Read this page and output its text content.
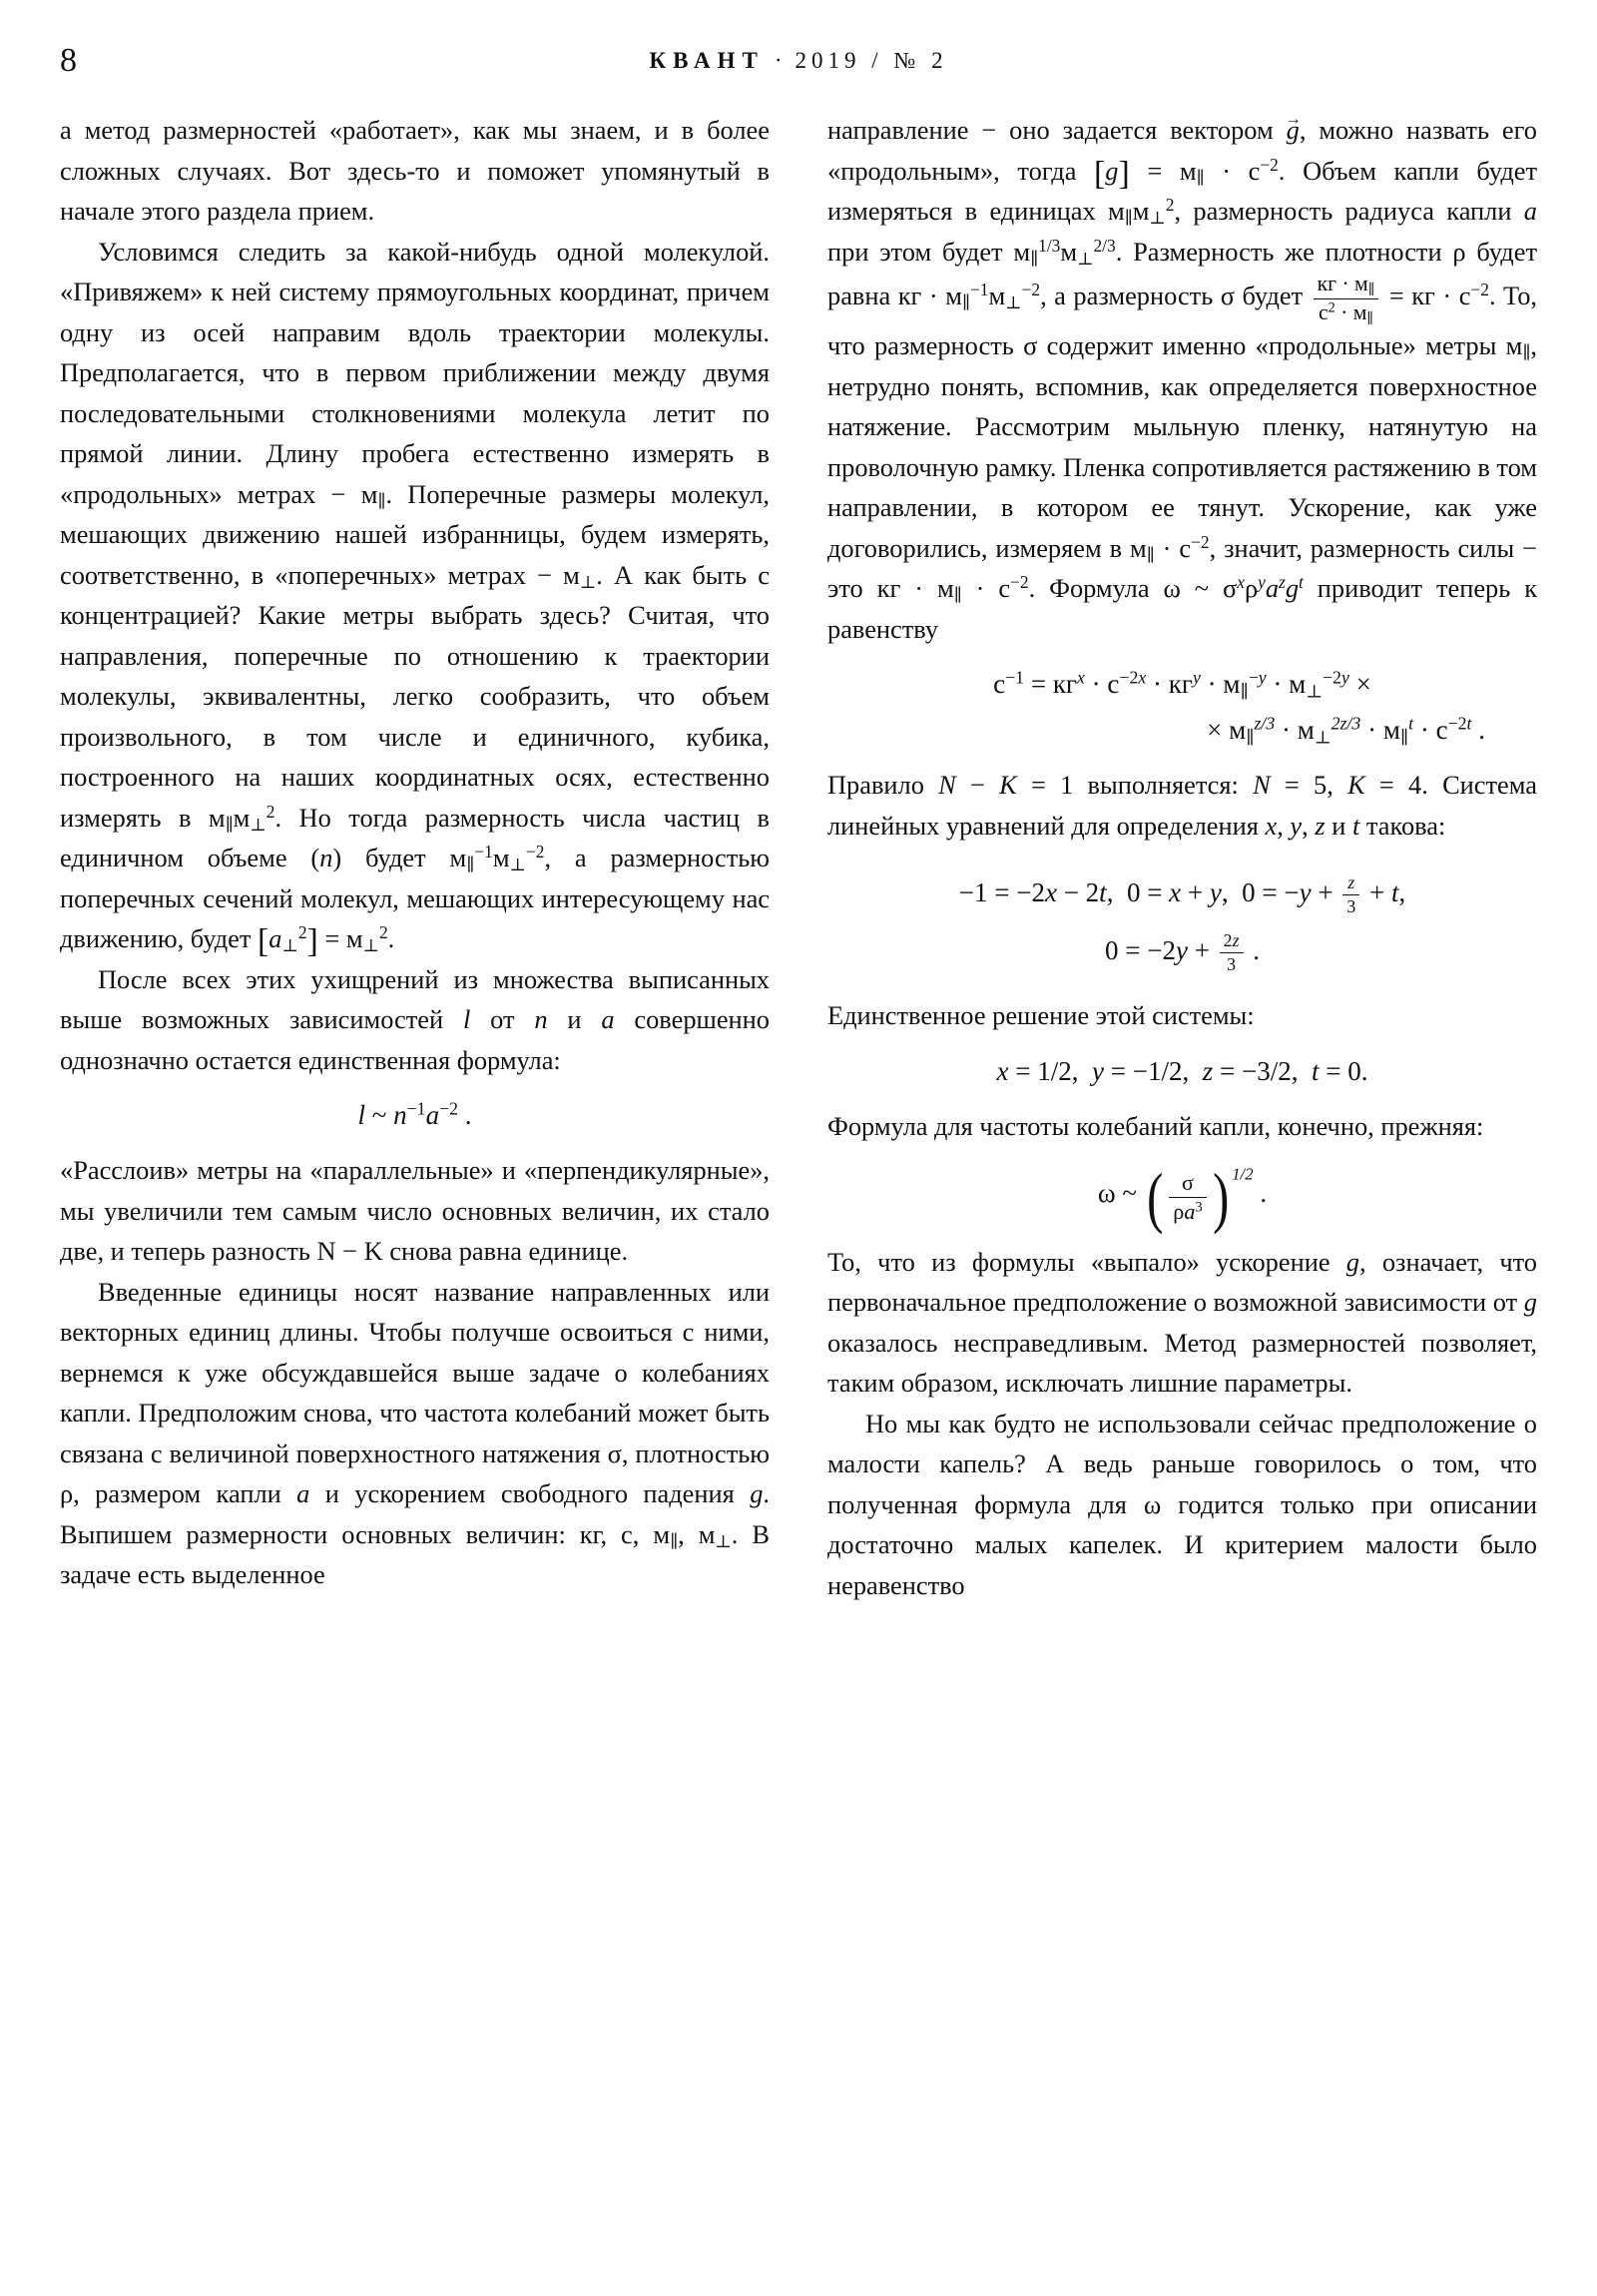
8	КВАНТ · 2019 / № 2

а метод размерностей «работает», как мы знаем, и в более сложных случаях. Вот здесь-то и поможет упомянутый в начале этого раздела прием.

Условимся следить за какой-нибудь одной молекулой. «Привяжем» к ней систему прямоугольных координат, причем одну из осей направим вдоль траектории молекулы. Предполагается, что в первом приближении между двумя последовательными столкновениями молекула летит по прямой линии. Длину пробега естественно измерять в «продольных» метрах − $м_\parallel$. Поперечные размеры молекул, мешающих движению нашей избранницы, будем измерять, соответственно, в «поперечных» метрах − $м_\perp$. А как быть с концентрацией? Какие метры выбрать здесь? Считая, что направления, поперечные по отношению к траектории молекулы, эквивалентны, легко сообразить, что объем произвольного, в том числе и единичного, кубика, построенного на наших координатных осях, естественно измерять в $м_\parallel м_\perp^2$. Но тогда размерность числа частиц в единичном объеме (n) будет $м_\parallel^{-1}м_\perp^{-2}$, а размерностью поперечных сечений молекул, мешающих интересующему нас движению, будет $[a_\perp^2] = м_\perp^2$.

После всех этих ухищрений из множества выписанных выше возможных зависимостей l от n и a совершенно однозначно остается единственная формула:

l ~ $n^{-1}a^{-2}$ .

«Расслоив» метры на «параллельные» и «перпендикулярные», мы увеличили тем самым число основных величин, их стало две, и теперь разность N − K снова равна единице.

Введенные единицы носят название направленных или векторных единиц длины. Чтобы получше освоиться с ними, вернемся к уже обсуждавшейся выше задаче о колебаниях капли. Предположим снова, что частота колебаний может быть связана с величиной поверхностного натяжения σ, плотностью ρ, размером капли a и ускорением свободного падения g. Выпишем размерности основных величин: кг, с, $м_\parallel$, $м_\perp$. В задаче есть выделенное

направление − оно задается вектором g →, можно назвать его «продольным», тогда $[g] = м_\parallel \cdot с^{-2}$. Объем капли будет измеряться в единицах $м_\parallel м_\perp^2$, размерность радиуса капли a при этом будет $м_\parallel^{1/3}м_\perp^{2/3}$. Размерность же плотности ρ будет равна кг · $м_\parallel^{-1}м_\perp^{-2}$, а размерность σ будет $\frac{кг \cdot м_\parallel}{с^2 \cdot м_\parallel}$ = кг · $с^{-2}$. То, что размерность σ содержит именно «продольные» метры $м_\parallel$, нетрудно понять, вспомнив, как определяется поверхностное натяжение. Рассмотрим мыльную пленку, натянутую на проволочную рамку. Пленка сопротивляется растяжению в том направлении, в котором ее тянут. Ускорение, как уже договорились, измеряем в $м_\parallel \cdot с^{-2}$, значит, размерность силы − это кг · $м_\parallel \cdot с^{-2}$. Формула ω ~ $\sigma^x\rho^ya^zg^t$ приводит теперь к равенству

$с^{-1} = кг^x \cdot с^{-2x} \cdot кг^y \cdot м_\parallel^{-y} \cdot м_\perp^{-2y}$ ×
× $м_\parallel^{z/3} \cdot м_\perp^{2z/3} \cdot м_\parallel^t \cdot с^{-2t}$ .

Правило N − K = 1 выполняется: N = 5, K = 4. Система линейных уравнений для определения x, y, z и t такова:

−1 = −2x − 2t,  0 = x + y,  $0 = -y + \frac{z}{3} + t$,
$0 = -2y + \frac{2z}{3}$ .

Единственное решение этой системы:

x = 1/2,  y = −1/2,  z = −3/2,  t = 0.

Формула для частоты колебаний капли, конечно, прежняя:

ω ~ ( $\frac{\sigma}{\rho a^3}$ ) $^{1/2}$ .

То, что из формулы «выпало» ускорение g, означает, что первоначальное предположение о возможной зависимости от g оказалось несправедливым. Метод размерностей позволяет, таким образом, исключать лишние параметры.

Но мы как будто не использовали сейчас предположение о малости капель? А ведь раньше говорилось о том, что полученная формула для ω годится только при описании достаточно малых капелек. И критерием малости было неравенство
